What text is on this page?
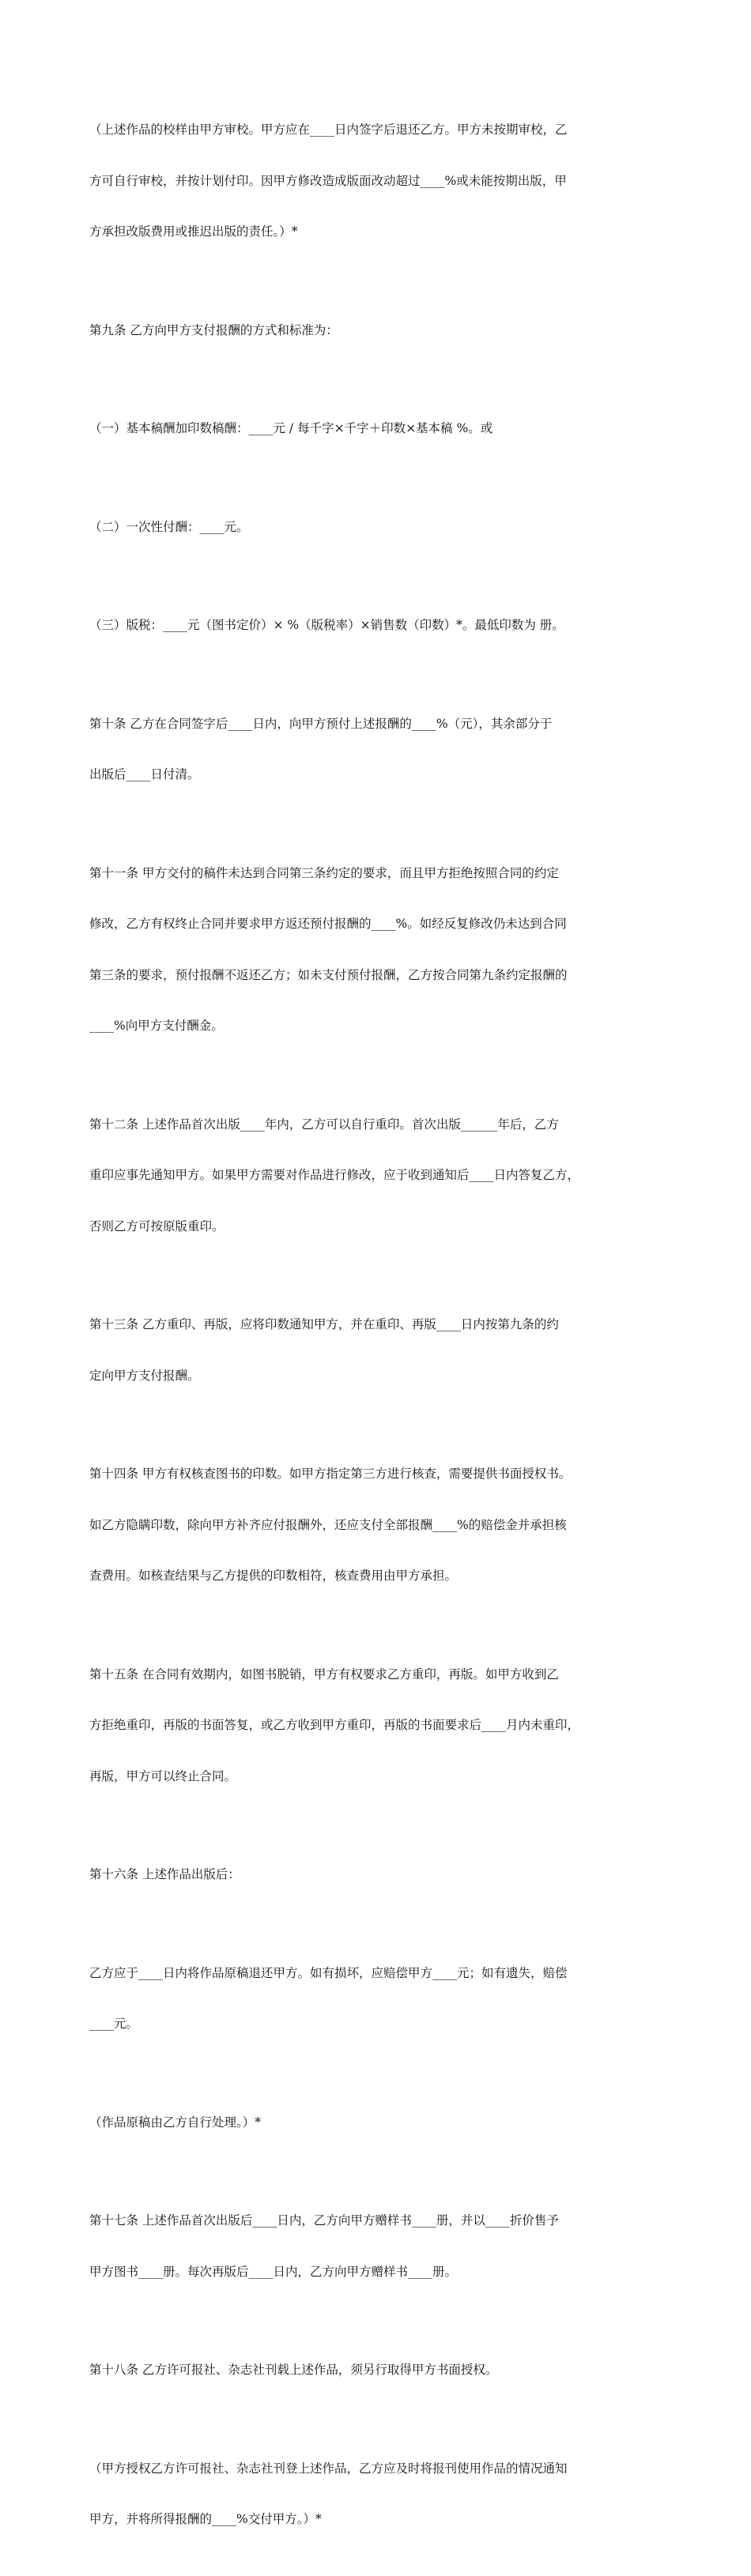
（上述作品的校样由甲方审校。甲方应在____日内签字后退还乙方。甲方未按期审校，乙

方可自行审校，并按计划付印。因甲方修改造成版面改动超过____%或未能按期出版，甲

方承担改版费用或推迟出版的责任。）*

第九条 乙方向甲方支付报酬的方式和标准为：

（一）基本稿酬加印数稿酬：____元 / 每千字×千字＋印数×基本稿 %。或

（二）一次性付酬：____元。

（三）版税：____元（图书定价）× %（版税率）×销售数（印数）*。最低印数为 册。

第十条 乙方在合同签字后____日内，向甲方预付上述报酬的____%（元），其余部分于

出版后____日付清。

第十一条 甲方交付的稿件未达到合同第三条约定的要求，而且甲方拒绝按照合同的约定

修改，乙方有权终止合同并要求甲方返还预付报酬的____%。如经反复修改仍未达到合同

第三条的要求，预付报酬不返还乙方；如未支付预付报酬，乙方按合同第九条约定报酬的

____%向甲方支付酬金。

第十二条 上述作品首次出版____年内，乙方可以自行重印。首次出版______年后，乙方

重印应事先通知甲方。如果甲方需要对作品进行修改，应于收到通知后____日内答复乙方，

否则乙方可按原版重印。

第十三条 乙方重印、再版，应将印数通知甲方，并在重印、再版____日内按第九条的约

定向甲方支付报酬。

第十四条 甲方有权核查图书的印数。如甲方指定第三方进行核查，需要提供书面授权书。

如乙方隐瞒印数，除向甲方补齐应付报酬外，还应支付全部报酬____%的赔偿金并承担核

查费用。如核查结果与乙方提供的印数相符，核查费用由甲方承担。

第十五条 在合同有效期内，如图书脱销，甲方有权要求乙方重印，再版。如甲方收到乙

方拒绝重印，再版的书面答复，或乙方收到甲方重印，再版的书面要求后____月内未重印，

再版，甲方可以终止合同。

第十六条 上述作品出版后：

乙方应于____日内将作品原稿退还甲方。如有损坏，应赔偿甲方____元；如有遗失，赔偿

____元。

（作品原稿由乙方自行处理。）*

第十七条 上述作品首次出版后____日内，乙方向甲方赠样书____册，并以____折价售予

甲方图书____册。每次再版后____日内，乙方向甲方赠样书____册。

第十八条 乙方许可报社、杂志社刊载上述作品，须另行取得甲方书面授权。

（甲方授权乙方许可报社、杂志社刊登上述作品，乙方应及时将报刊使用作品的情况通知

甲方，并将所得报酬的____%交付甲方。）*
